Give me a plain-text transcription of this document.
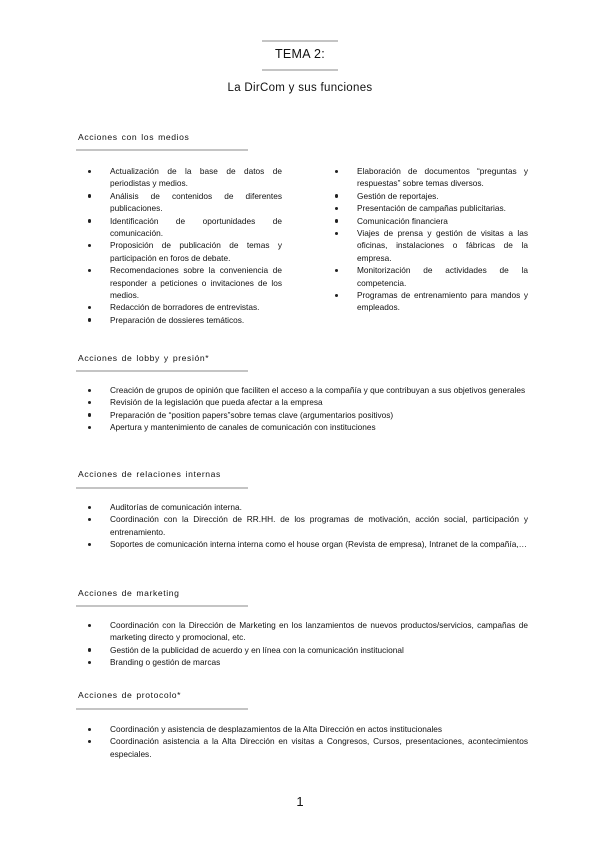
TEMA 2:
La DirCom y sus funciones
Acciones con los medios
Actualización de la base de datos de periodistas y medios.
Análisis de contenidos de diferentes publicaciones.
Identificación de oportunidades de comunicación.
Proposición de publicación de temas y participación en foros de debate.
Recomendaciones sobre la conveniencia de responder a peticiones o invitaciones de los medios.
Redacción de borradores de entrevistas.
Preparación de dossieres temáticos.
Elaboración de documentos “preguntas y respuestas” sobre temas diversos.
Gestión de reportajes.
Presentación de campañas publicitarias.
Comunicación financiera
Viajes de prensa y gestión de visitas a las oficinas, instalaciones o fábricas de la empresa.
Monitorización de actividades de la competencia.
Programas de entrenamiento para mandos y empleados.
Acciones de lobby y presión*
Creación de grupos de opinión que faciliten el acceso a la compañía y que contribuyan a sus objetivos generales
Revisión de la legislación que pueda afectar a la empresa
Preparación de “position papers”sobre temas clave (argumentarios positivos)
Apertura y mantenimiento de canales de comunicación con instituciones
Acciones de relaciones internas
Auditorías de comunicación interna.
Coordinación con la Dirección de RR.HH. de los programas de motivación, acción social, participación y entrenamiento.
Soportes de comunicación interna interna como el house organ (Revista de empresa), Intranet de la compañía,…
Acciones de marketing
Coordinación con la Dirección de Marketing en los lanzamientos de nuevos productos/servicios, campañas de marketing directo y promocional, etc.
Gestión de la publicidad de acuerdo y en línea con la comunicación institucional
Branding o gestión de marcas
Acciones de protocolo*
Coordinación y asistencia de desplazamientos de la Alta Dirección en actos institucionales
Coordinación asistencia a la Alta Dirección en visitas a Congresos, Cursos, presentaciones, acontecimientos especiales.
1
